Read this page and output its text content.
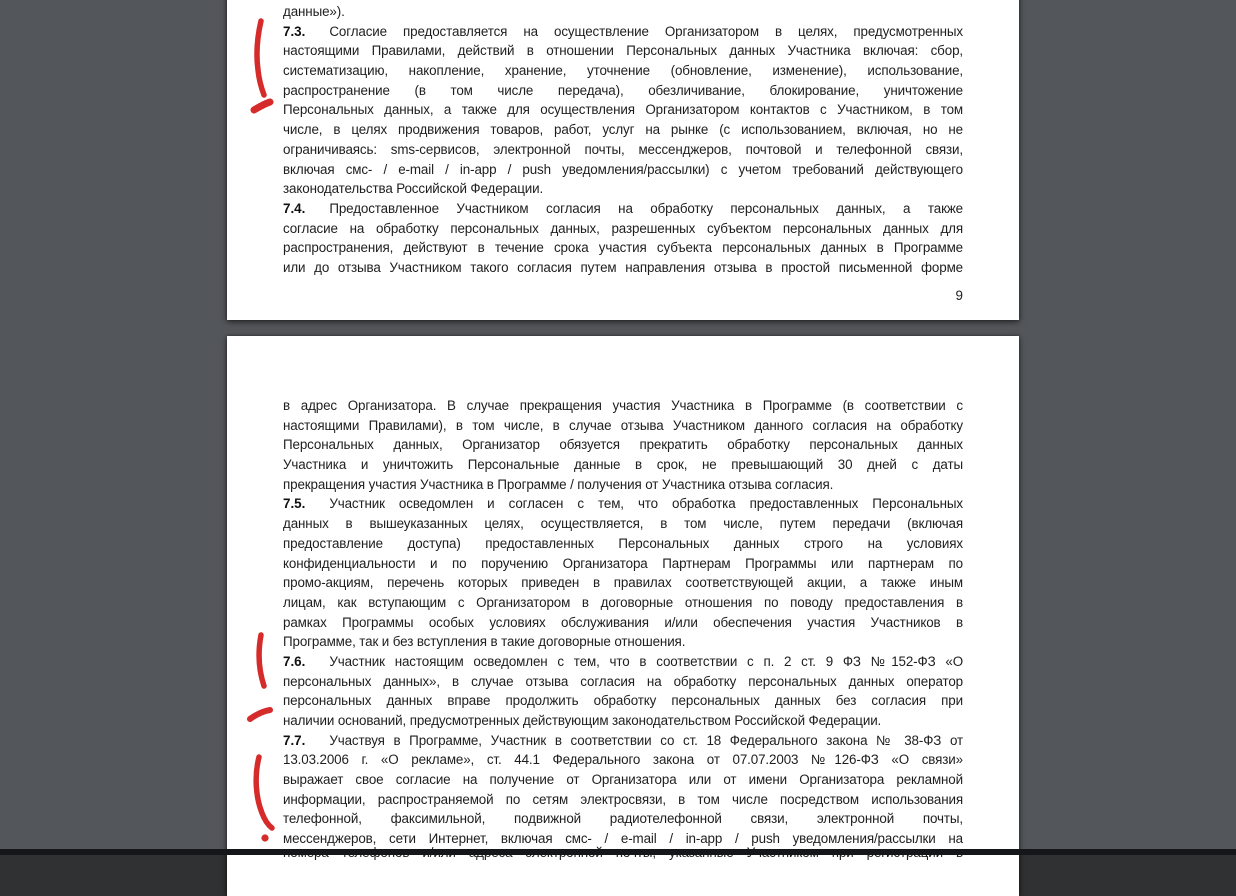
данные»).
7.3. Согласие предоставляется на осуществление Организатором в целях, предусмотренных
настоящими Правилами, действий в отношении Персональных данных Участника включая: сбор,
систематизацию, накопление, хранение, уточнение (обновление, изменение), использование,
распространение (в том числе передача), обезличивание, блокирование, уничтожение
Персональных данных, а также для осуществления Организатором контактов с Участником, в том
числе, в целях продвижения товаров, работ, услуг на рынке (с использованием, включая, но не
ограничиваясь: sms-сервисов, электронной почты, мессенджеров, почтовой и телефонной связи,
включая смс- / e-mail / in-app / push уведомления/рассылки) с учетом требований действующего
законодательства Российской Федерации.
7.4. Предоставленное Участником согласия на обработку персональных данных, а также
согласие на обработку персональных данных, разрешенных субъектом персональных данных для
распространения, действуют в течение срока участия субъекта персональных данных в Программе
или до отзыва Участником такого согласия путем направления отзыва в простой письменной форме
9
в адрес Организатора. В случае прекращения участия Участника в Программе (в соответствии с
настоящими Правилами), в том числе, в случае отзыва Участником данного согласия на обработку
Персональных данных, Организатор обязуется прекратить обработку персональных данных
Участника и уничтожить Персональные данные в срок, не превышающий 30 дней с даты
прекращения участия Участника в Программе / получения от Участника отзыва согласия.
7.5. Участник осведомлен и согласен с тем, что обработка предоставленных Персональных
данных в вышеуказанных целях, осуществляется, в том числе, путем передачи (включая
предоставление доступа) предоставленных Персональных данных строго на условиях
конфиденциальности и по поручению Организатора Партнерам Программы или партнерам по
промо-акциям, перечень которых приведен в правилах соответствующей акции, а также иным
лицам, как вступающим с Организатором в договорные отношения по поводу предоставления в
рамках Программы особых условиях обслуживания и/или обеспечения участия Участников в
Программе, так и без вступления в такие договорные отношения.
7.6. Участник настоящим осведомлен с тем, что в соответствии с п. 2 ст. 9 ФЗ №152-ФЗ «О
персональных данных», в случае отзыва согласия на обработку персональных данных оператор
персональных данных вправе продолжить обработку персональных данных без согласия при
наличии оснований, предусмотренных действующим законодательством Российской Федерации.
7.7. Участвуя в Программе, Участник в соответствии со ст. 18 Федерального закона № 38-ФЗ от
13.03.2006 г. «О рекламе», ст. 44.1 Федерального закона от 07.07.2003 №126-ФЗ «О связи»
выражает свое согласие на получение от Организатора или от имени Организатора рекламной
информации, распространяемой по сетям электросвязи, в том числе посредством использования
телефонной, факсимильной, подвижной радиотелефонной связи, электронной почты,
мессенджеров, сети Интернет, включая смс- / e-mail / in-app / push уведомления/рассылки на
